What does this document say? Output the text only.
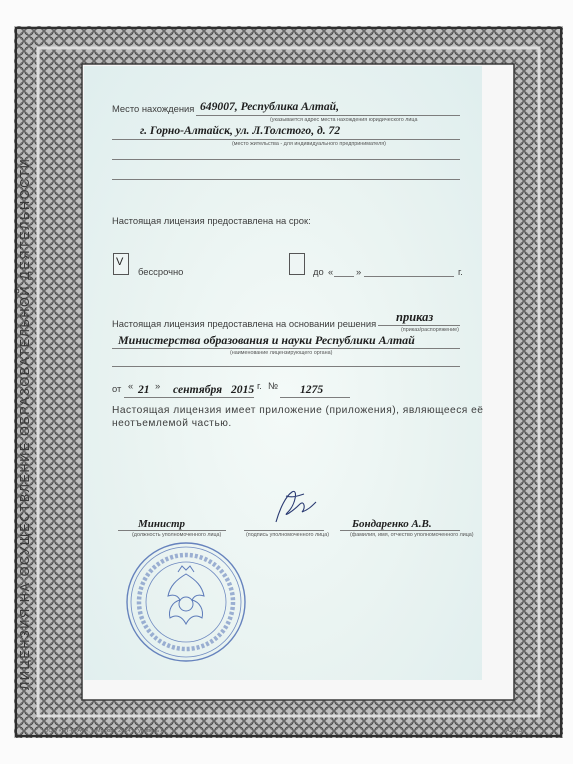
ЛИЦЕНЗИЯ НА ОСУЩЕСТВЛЕНИЕ ОБРАЗОВАТЕЛЬНОЙ ДЕЯТЕЛЬНОСТИ
Место нахождения 649007, Республика Алтай,
(указывается адрес места нахождения юридического лица
г. Горно-Алтайск, ул. Л.Толстого, д. 72
(место жительства - для индивидуального предпринимателя)
Настоящая лицензия предоставлена на срок:
V
бессрочно	до « »	г.
Настоящая лицензия предоставлена на основании решения приказ
(приказ/распоряжение)
Министерства образования и науки Республики Алтай
(наименование лицензирующего органа)
от « 21 » сентября 2015 г. № 1275
Настоящая лицензия имеет приложение (приложения), являющееся её
неотъемлемой частью.
Министр
(должность уполномоченного лица)	(подпись уполномоченного лица)
Бондаренко А.В.
(фамилия, имя, отчество уполномоченного лица)
ООО «ПТ-ГРАФ», г. Москва, 2014 г., уровень А	А2773
